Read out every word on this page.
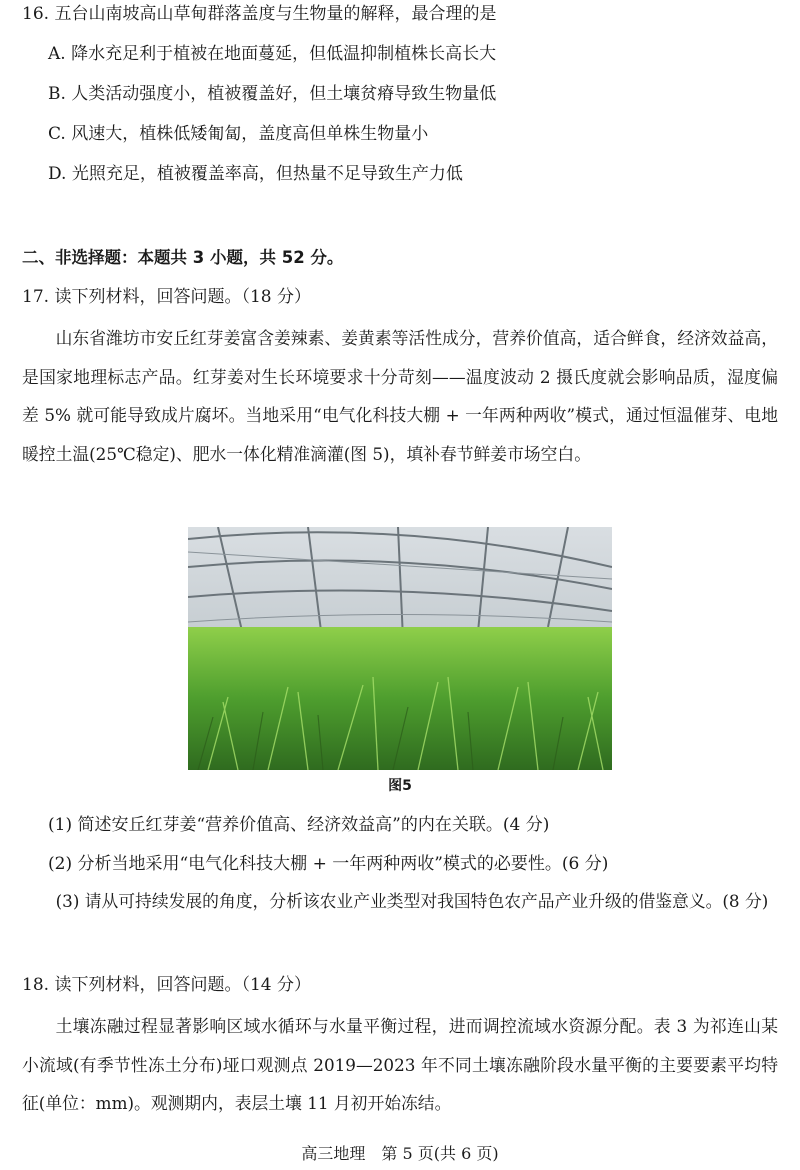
16. 五台山南坡高山草甸群落盖度与生物量的解释，最合理的是
A. 降水充足利于植被在地面蔓延，但低温抑制植株长高长大
B. 人类活动强度小，植被覆盖好，但土壤贫瘠导致生物量低
C. 风速大，植株低矮匍匐，盖度高但单株生物量小
D. 光照充足，植被覆盖率高，但热量不足导致生产力低
二、非选择题：本题共 3 小题，共 52 分。
17. 读下列材料，回答问题。（18 分）
山东省潍坊市安丘红芽姜富含姜辣素、姜黄素等活性成分，营养价值高，适合鲜食，经济效益高，是国家地理标志产品。红芽姜对生长环境要求十分苛刻——温度波动 2 摄氏度就会影响品质，湿度偏差 5% 就可能导致成片腐坏。当地采用“电气化科技大棚 + 一年两种两收”模式，通过恒温催芽、电地暖控土温(25℃稳定)、肥水一体化精准滴灌(图 5)，填补春节鲜姜市场空白。
图5
(1) 简述安丘红芽姜“营养价值高、经济效益高”的内在关联。(4 分)
(2) 分析当地采用“电气化科技大棚 + 一年两种两收”模式的必要性。(6 分)
(3) 请从可持续发展的角度，分析该农业产业类型对我国特色农产品产业升级的借鉴意义。(8 分)
18. 读下列材料，回答问题。（14 分）
土壤冻融过程显著影响区域水循环与水量平衡过程，进而调控流域水资源分配。表 3 为祁连山某小流域(有季节性冻土分布)垭口观测点 2019—2023 年不同土壤冻融阶段水量平衡的主要要素平均特征(单位：mm)。观测期内，表层土壤 11 月初开始冻结。
高三地理　第 5 页(共 6 页)
